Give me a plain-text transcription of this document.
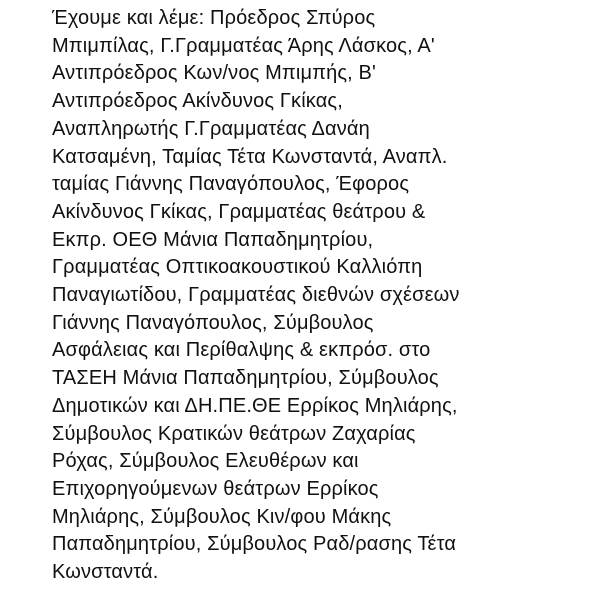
Έχουμε και λέμε: Πρόεδρος Σπύρος
Μπιμπίλας, Γ.Γραμματέας Άρης Λάσκος, Α'
Αντιπρόεδρος Κων/νος Μπιμπής, Β'
Αντιπρόεδρος Ακίνδυνος Γκίκας,
Αναπληρωτής Γ.Γραμματέας Δανάη
Κατσαμένη, Ταμίας Τέτα Κωνσταντά, Αναπλ.
ταμίας Γιάννης Παναγόπουλος, Έφορος
Ακίνδυνος Γκίκας, Γραμματέας θεάτρου &
Εκπρ. ΟΕΘ Μάνια Παπαδημητρίου,
Γραμματέας Οπτικοακουστικού Καλλιόπη
Παναγιωτίδου, Γραμματέας διεθνών σχέσεων
Γιάννης Παναγόπουλος, Σύμβουλος
Ασφάλειας και Περίθαλψης & εκπρόσ. στο
ΤΑΣΕΗ Μάνια Παπαδημητρίου, Σύμβουλος
Δημοτικών και ΔΗ.ΠΕ.ΘΕ Ερρίκος Μηλιάρης,
Σύμβουλος Κρατικών θεάτρων Ζαχαρίας
Ρόχας, Σύμβουλος Ελευθέρων και
Επιχορηγούμενων θεάτρων Ερρίκος
Μηλιάρης, Σύμβουλος Κιν/φου Μάκης
Παπαδημητρίου, Σύμβουλος Ραδ/ρασης Τέτα
Κωνσταντά.
